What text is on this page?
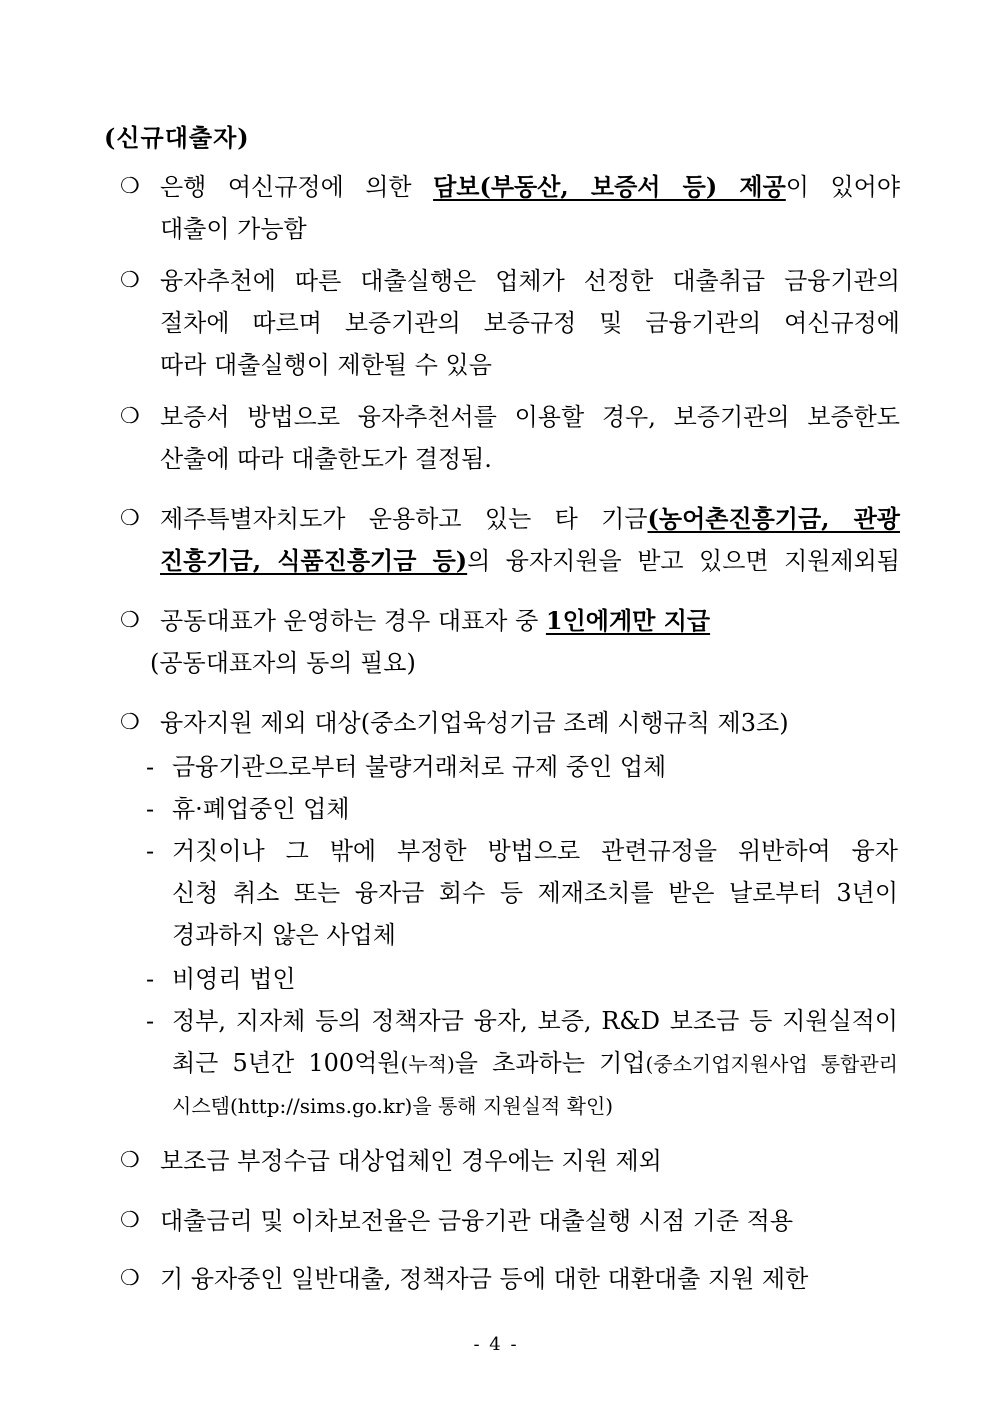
(신규대출자)
❍ 은행 여신규정에 의한 담보(부동산, 보증서 등) 제공이 있어야
대출이 가능함
❍ 융자추천에 따른 대출실행은 업체가 선정한 대출취급 금융기관의
절차에 따르며 보증기관의 보증규정 및 금융기관의 여신규정에
따라 대출실행이 제한될 수 있음
❍ 보증서 방법으로 융자추천서를 이용할 경우, 보증기관의 보증한도
산출에 따라 대출한도가 결정됨.
❍ 제주특별자치도가 운용하고 있는 타 기금(농어촌진흥기금, 관광
진흥기금, 식품진흥기금 등)의 융자지원을 받고 있으면 지원제외됨
❍ 공동대표가 운영하는 경우 대표자 중 1인에게만 지급
(공동대표자의 동의 필요)
❍ 융자지원 제외 대상(중소기업육성기금 조례 시행규칙 제3조)
- 금융기관으로부터 불량거래처로 규제 중인 업체
- 휴·폐업중인 업체
- 거짓이나 그 밖에 부정한 방법으로 관련규정을 위반하여 융자
신청 취소 또는 융자금 회수 등 제재조치를 받은 날로부터 3년이
경과하지 않은 사업체
- 비영리 법인
- 정부, 지자체 등의 정책자금 융자, 보증, R&D 보조금 등 지원실적이
최근 5년간 100억원(누적)을 초과하는 기업(중소기업지원사업 통합관리
시스템(http://sims.go.kr)을 통해 지원실적 확인)
❍ 보조금 부정수급 대상업체인 경우에는 지원 제외
❍ 대출금리 및 이차보전율은 금융기관 대출실행 시점 기준 적용
❍ 기 융자중인 일반대출, 정책자금 등에 대한 대환대출 지원 제한
- 4 -
